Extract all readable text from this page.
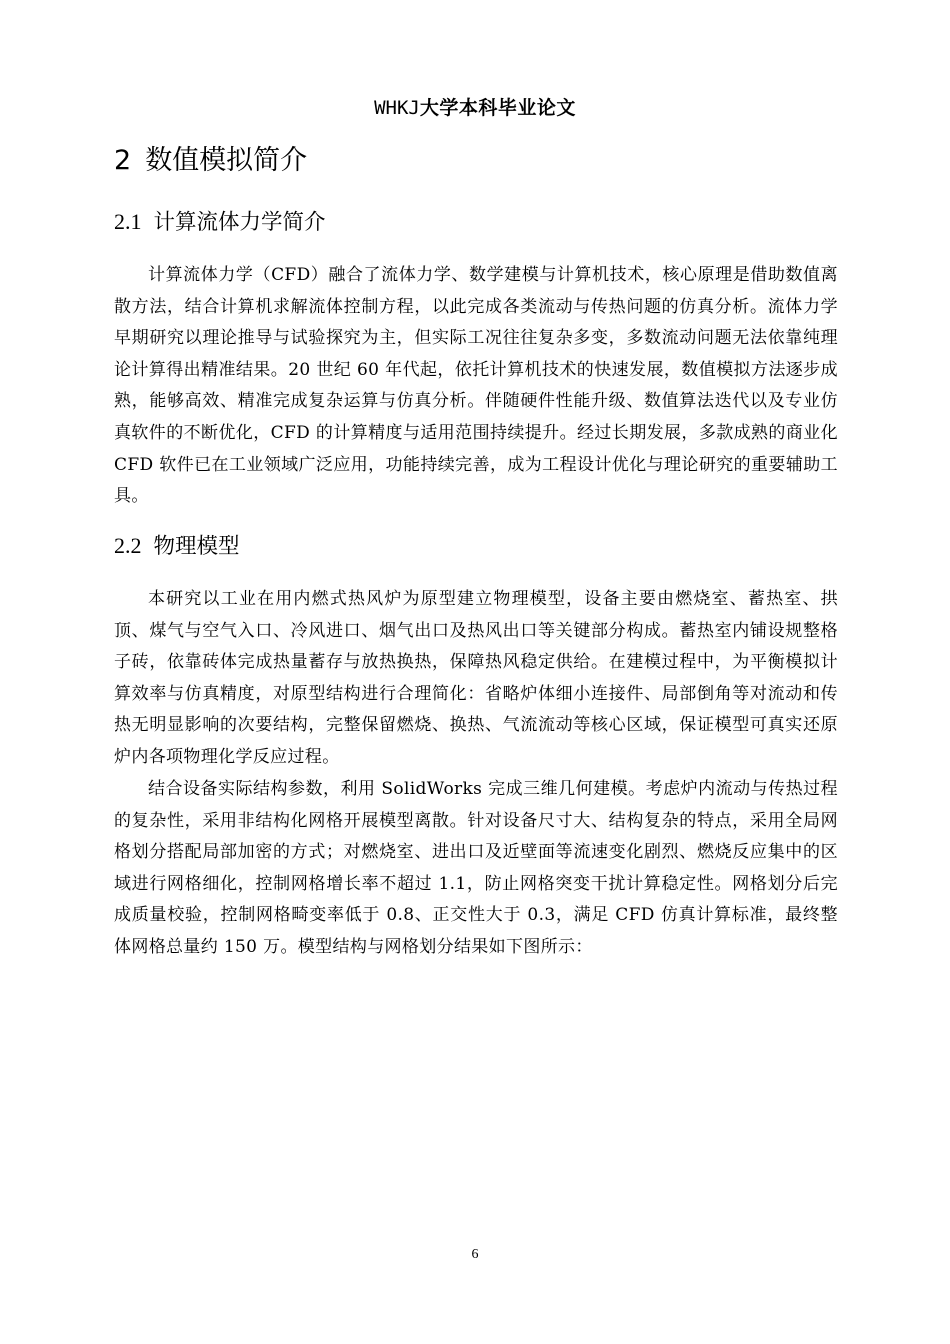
WHKJ大学本科毕业论文
2 数值模拟简介
2.1 计算流体力学简介

计算流体力学（CFD）融合了流体力学、数学建模与计算机技术，核心原理是借助数值离散方法，结合计算机求解流体控制方程，以此完成各类流动与传热问题的仿真分析。流体力学早期研究以理论推导与试验探究为主，但实际工况往往复杂多变，多数流动问题无法依靠纯理论计算得出精准结果。20 世纪 60 年代起，依托计算机技术的快速发展，数值模拟方法逐步成熟，能够高效、精准完成复杂运算与仿真分析。伴随硬件性能升级、数值算法迭代以及专业仿真软件的不断优化，CFD 的计算精度与适用范围持续提升。经过长期发展，多款成熟的商业化 CFD 软件已在工业领域广泛应用，功能持续完善，成为工程设计优化与理论研究的重要辅助工具。

2.2 物理模型

本研究以工业在用内燃式热风炉为原型建立物理模型，设备主要由燃烧室、蓄热室、拱顶、煤气与空气入口、冷风进口、烟气出口及热风出口等关键部分构成。蓄热室内铺设规整格子砖，依靠砖体完成热量蓄存与放热换热，保障热风稳定供给。在建模过程中，为平衡模拟计算效率与仿真精度，对原型结构进行合理简化：省略炉体细小连接件、局部倒角等对流动和传热无明显影响的次要结构，完整保留燃烧、换热、气流流动等核心区域，保证模型可真实还原炉内各项物理化学反应过程。

结合设备实际结构参数，利用 SolidWorks 完成三维几何建模。考虑炉内流动与传热过程的复杂性，采用非结构化网格开展模型离散。针对设备尺寸大、结构复杂的特点，采用全局网格划分搭配局部加密的方式；对燃烧室、进出口及近壁面等流速变化剧烈、燃烧反应集中的区域进行网格细化，控制网格增长率不超过 1.1，防止网格突变干扰计算稳定性。网格划分后完成质量校验，控制网格畸变率低于 0.8、正交性大于 0.3，满足 CFD 仿真计算标准，最终整体网格总量约 150 万。模型结构与网格划分结果如下图所示：

6
